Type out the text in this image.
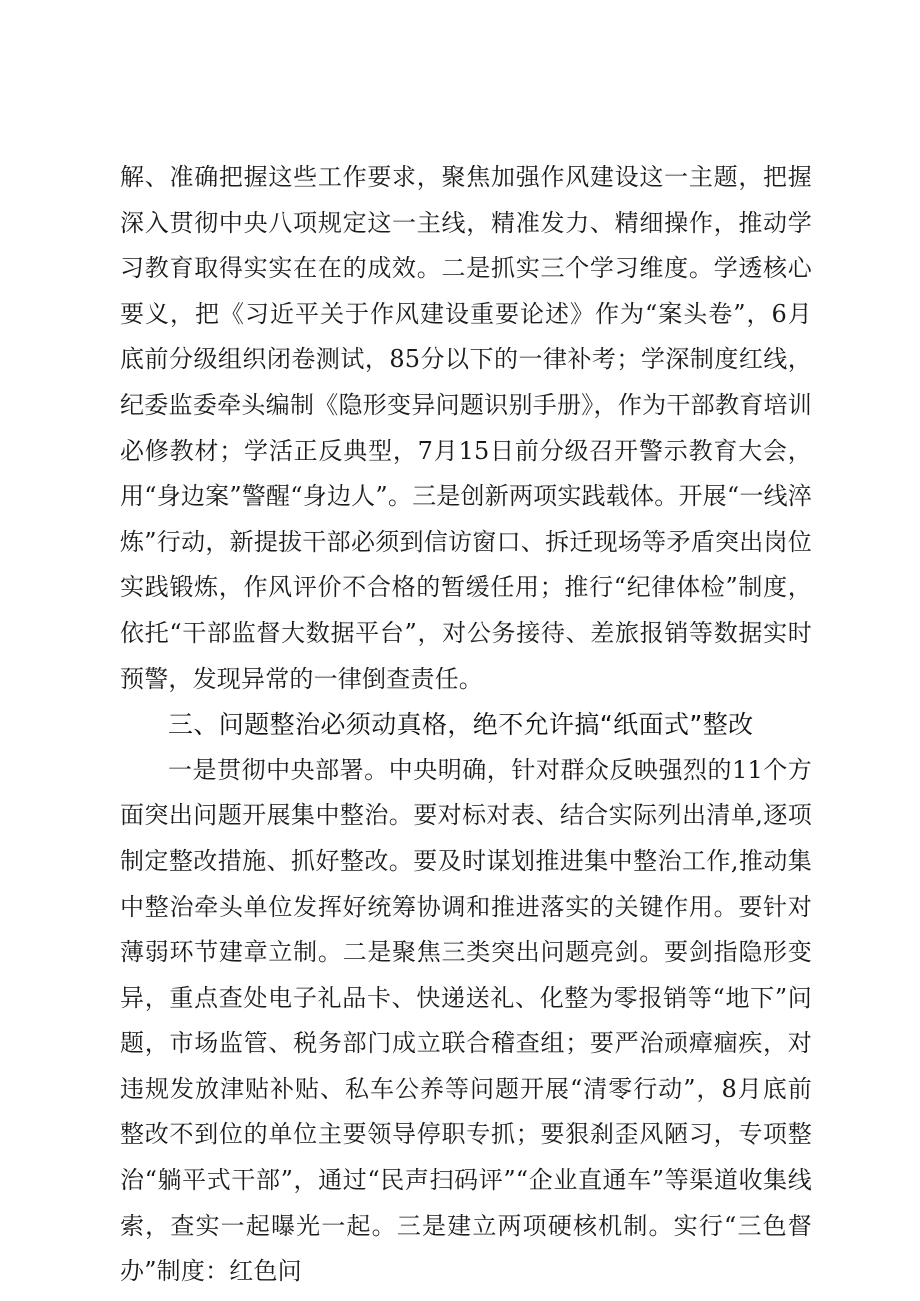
解、准确把握这些工作要求，聚焦加强作风建设这一主题，把握深入贯彻中央八项规定这一主线，精准发力、精细操作，推动学习教育取得实实在在的成效。二是抓实三个学习维度。学透核心要义，把《习近平关于作风建设重要论述》作为“案头卷”，6月底前分级组织闭卷测试，85分以下的一律补考；学深制度红线，纪委监委牵头编制《隐形变异问题识别手册》，作为干部教育培训必修教材；学活正反典型，7月15日前分级召开警示教育大会，用“身边案”警醒“身边人”。三是创新两项实践载体。开展“一线淬炼”行动，新提拔干部必须到信访窗口、拆迁现场等矛盾突出岗位实践锻炼，作风评价不合格的暂缓任用；推行“纪律体检”制度，依托“干部监督大数据平台”，对公务接待、差旅报销等数据实时预警，发现异常的一律倒查责任。

三、问题整治必须动真格，绝不允许搞“纸面式”整改

一是贯彻中央部署。中央明确，针对群众反映强烈的11个方面突出问题开展集中整治。要对标对表、结合实际列出清单,逐项制定整改措施、抓好整改。要及时谋划推进集中整治工作,推动集中整治牵头单位发挥好统筹协调和推进落实的关键作用。要针对薄弱环节建章立制。二是聚焦三类突出问题亮剑。要剑指隐形变异，重点查处电子礼品卡、快递送礼、化整为零报销等“地下”问题，市场监管、税务部门成立联合稽查组；要严治顽瘴痼疾，对违规发放津贴补贴、私车公养等问题开展“清零行动”，8月底前整改不到位的单位主要领导停职专抓；要狠刹歪风陋习，专项整治“躺平式干部”，通过“民声扫码评”“企业直通车”等渠道收集线索，查实一起曝光一起。三是建立两项硬核机制。实行“三色督办”制度：红色问
